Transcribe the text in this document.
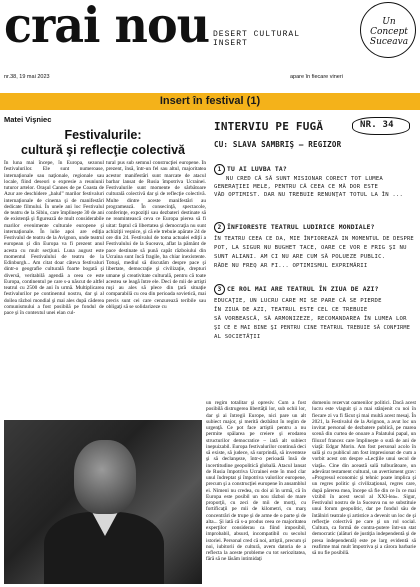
crai nou DESERT CULTURAL
INSERT
Un Concept Suceava
nr.38, 19 mai 2023	apare în fiecare vineri
Insert în festival (1)
Matei Vişniec
Festivalurile:
cultură şi reflecţie colectivă
În luna mai începe, în Europa, sezonul festivalurilor. Ele sunt numeroase, internaţionale sau naţionale, regionale sau locale, fiind deseori o expresie a reuniunii tuturor artelor. Oraşul Cannes de pe Coasta de Azur are deschidere „balul” marilor festivaluri internaţionale de cinema şi de manifestări dedicate filmului. În unele ani loc Festivalul de teatru de la Sibiu, care împlineşte 30 de ani de existenţă şi figurează de mult considerabile marilor evenimente culturale europene şi internaţionale. În iulie apoi are ediţia Festivalul de teatru de la Avignon, unde teatrul european şi din Europa va fi prezent anul acesta cu mult secţiuni. Luna august este momentul Festivalului de teatru de la Edinburgh... Am citat doar câteva festivaluri dintr-o geografie culturală foarte bogată şi diversă, veritabilă agendă a ceea ce este Europa, continentul pe care s-a născut de altfel teatrul cu 2500 de ani în urmă. Multiplicarea festivalurilor pe continentul nostru, dar şi al doilea război mondial şi mai ales după căderea comunismului a fost posibilă pe fondul de pace şi în contextul unei elan cul-
tural pus sub semnul construcţiei europene. În prezent, însă, într-un fel sau altul, majoritatea acestor manifestări sunt marcate de atacul barbar lansat de Rusia împotriva Ucrainei. Festivalurile sunt momente de sărbătoare culturală colectivă dar şi de reflecţie colectivă. Multe dintre aceste manifestări au programează. În consecinţă, spectacole, conferinţe, expoziţii sau dezbateri destinate să ne reamintească ceva ce Europa pierea să fi uitat: faptul că libertatea şi democraţia nu sunt achiziţii veşnice, şi că ele trebuie apărate 24 de ore din 24. Festivalul de toma actualei ediţii a Festivalului de la Suceava, aflat la pământ de pace destinate să pună capăt războiului din Ucraina sunt încă fragile, ba chiar inexistente. Totuşi, mediul să discutăm despre pace şi libertate, democraţie şi civilizaţie, drepturi umane şi creativitate culturală, pentru că toate acestea se leagă între ele. Deci de mii de artişti ruşi au ales să plece din ţară situaţie comparabilă cu cea din perioada sovietică, mai precis sunt cei care cenzurează teribile sau obligaţi să se solidarizeze cu
un regim totalitar şi opresiv. Cum a fost posibilă distrugerea libertăţii lor, sub ochii lor, dar şi ai întregii Europe, nici pare un alt subiect major, şi merită dezbătut în regim de urgenţă. Ce pot face artiştii pentru a nu permite spălarea pe creiere şi erodarea structurilor democratice – iată alt subiect inepuizabil. Europa festivalurilor continuă deci să existe, să judece, să surprindă, să inventeze şi să declanşeze, într-o perioadă însă de incertitudine geopolitică globală. Atacul lansat de Rusia împotriva Ucrainei este în mod clar unul îndreptat şi împotriva valorilor europene, precum şi a construcţiei europene în ansamblul ei. Nimeni nu credea, cu doi ai în urmă, că în Europa este posibil un nou război de mare proporţii, cu zeci de mii de morţi, cu fortificaţii pe mii de kilometri, cu marş concentrări de trupe şi de arme de o parte şi de alta... Şi iată că s-a produs ceea ce majoritatea experţilor considerau ca fiind imposibil, improbabil, absurd, incompatibil cu secolul istoriei. Personal cred că noi, artiştii, precum şi noi, iubitorii de cultură, avem datoria de a reflecta la aceste probleme cu tot seriozitatea, fără să ne lăsăm intimidaţi
domeniu rezervat oamenilor politici. Dacă acest lucru este vlaguit şi a mai stânjenit cu noi în fiecare zi va fi făcut şi mai multă acest mesaj. În 2021, la Festivalul de la Avignon, a avut loc un invitat personal de dezbatere publică, pe marea scenă din curtea de onoare a Palatului papal, un filozof francez care împlineşte o sută de ani de viaţă: Edgar Morin. Am fost personal acolo în sală şi cu publicul am fost impresionat de cum a vorbit acest om despre «Lecţiile unui secol de viaţă». Cine din această sală tulburătoare, un adevărat testament cultural, un avertisment grav: «Progresul economic şi tehnic poate implica şi un regres politic şi civilizaţional, regres care, după părerea mea, începe să fie din ce în ce mai vizibil în acest secol al XXI-lea». Sigur, Festivalul nostru de la Suceava nu se substituie unui forum geopolitic, dar pe fondul său de întâlniri teatrale şi artistice a devenit un loc de şi reflecţie colectivă pe care şi un rol social. Cultura, ca formă de contra-putere într-un stat democratic (alături de justiţia independentă şi de presa independentă) este pe larg evidentă să reafirme mai mult împotriva şi a cărora barbarie să nu fie posibilă.
INTERVIU PE FUGĂ	NR. 34
CU: SLAVA SAMBRIŞ – REGIZOR
1 TU AI LUVBA TA?
NU CRED CĂ SĂ SUNT MISIONAR CORECT TOT LUMEA
GENERAŢIEI MELE, PENTRU CĂ CEEA CE MĂ DOR ESTE
VĂD OPTIMIST. DAR NU TREBUIE RENUNŢAT TOTUL LA ÎN ...
2 ÎNFIORESTE TEATRUL LUDIRICE MONDIALE?
ÎN TEATRU CEEA CE DA, MIE ÎNFIOREAZĂ IN MOMENTUL DE DESPRE
POT, LA SIGUR NU BUGHET TACE, OARE CE VOR E FRIG ŞI NU
SUNT ALIANI. AM CI NU ARE CUM SĂ POLUEZE PUBLIC.
RĂDE NU FREQ AR FI... OPTIMISMUL EXPRIMĂRII
3 CE ROL MAI ARE TEATRUL ÎN ZIUA DE AZI?
EDUCAŢIE, UN LUCRU CARE MI SE PARE CĂ SE PIERDE
ÎN ZIUA DE AZI, TEATRUL ESTE CEL CE TREBUIE
SĂ VORBEASCĂ, SĂ ARMONIZEZE, RECOMANDAREA ÎN LUMEA LOR
ŞI CE E MAI BINE ŞI PENTRU CINE TEATRUL TREBUIE SĂ CONFIRME
AL SOCIETĂŢII
